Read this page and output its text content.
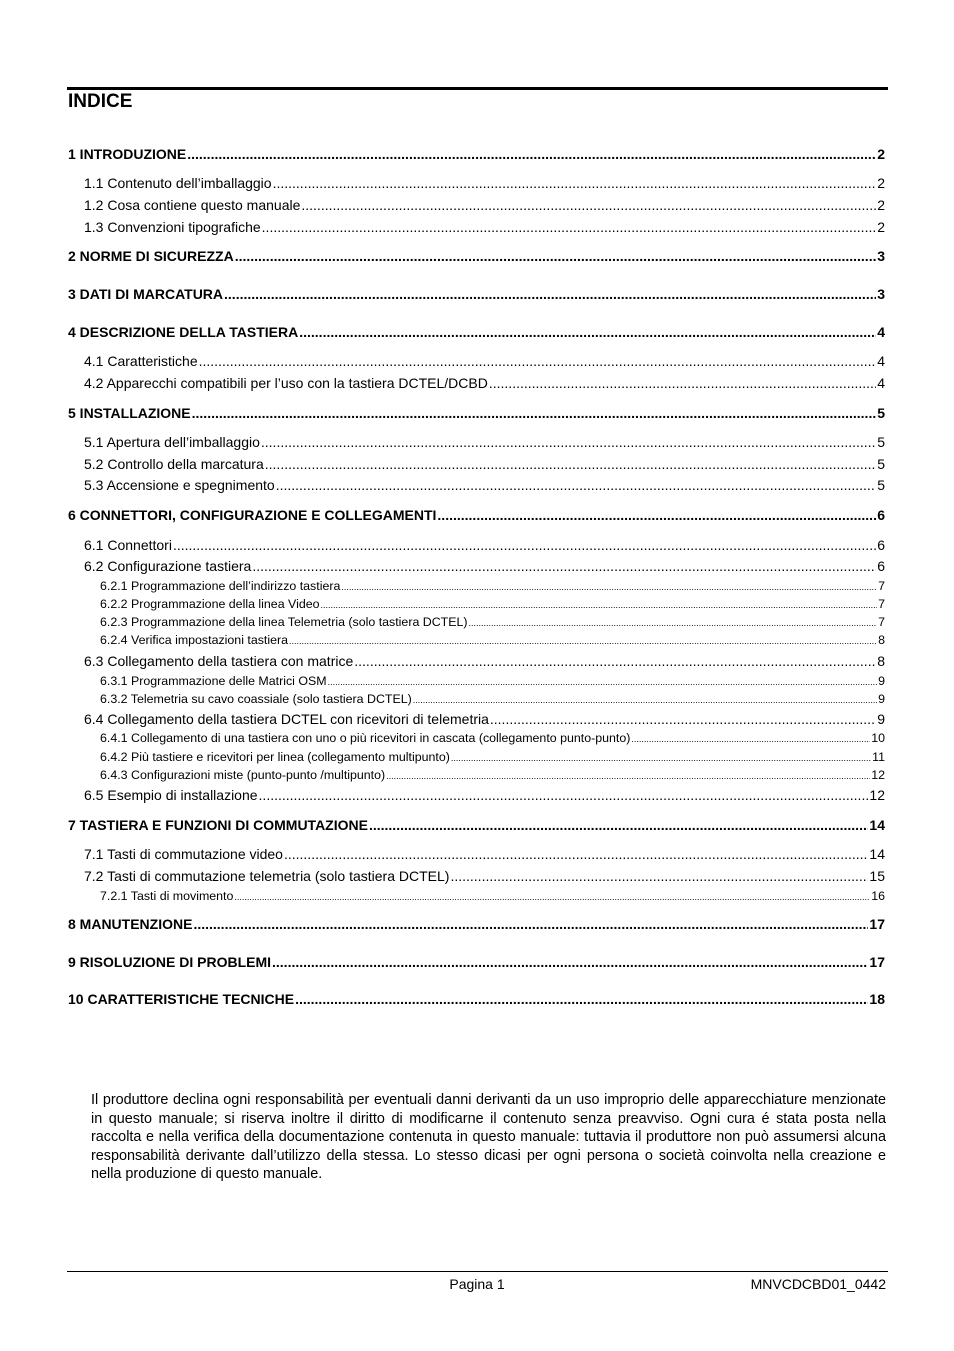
INDICE
1 INTRODUZIONE .....	2
1.1 Contenuto dell’imballaggio .....	2
1.2 Cosa contiene questo manuale .....	2
1.3 Convenzioni tipografiche .....	2
2 NORME DI SICUREZZA .....	3
3 DATI DI MARCATURA .....	3
4 DESCRIZIONE DELLA TASTIERA .....	4
4.1 Caratteristiche .....	4
4.2 Apparecchi compatibili per l’uso con la tastiera DCTEL/DCBD .....	4
5 INSTALLAZIONE .....	5
5.1 Apertura dell’imballaggio .....	5
5.2 Controllo della marcatura .....	5
5.3 Accensione e spegnimento .....	5
6 CONNETTORI, CONFIGURAZIONE E COLLEGAMENTI .....	6
6.1 Connettori .....	6
6.2 Configurazione tastiera .....	6
6.2.1 Programmazione dell’indirizzo tastiera .....	7
6.2.2 Programmazione della linea Video .....	7
6.2.3 Programmazione della linea Telemetria (solo tastiera DCTEL) .....	7
6.2.4 Verifica impostazioni tastiera .....	8
6.3 Collegamento della tastiera con matrice .....	8
6.3.1 Programmazione delle Matrici OSM .....	9
6.3.2 Telemetria su cavo coassiale (solo tastiera DCTEL) .....	9
6.4 Collegamento della tastiera DCTEL con ricevitori di telemetria .....	9
6.4.1 Collegamento di una tastiera con uno o più ricevitori in cascata (collegamento punto-punto) .....	10
6.4.2 Più tastiere e ricevitori per linea (collegamento multipunto) .....	11
6.4.3 Configurazioni miste (punto-punto /multipunto) .....	12
6.5 Esempio di installazione .....	12
7 TASTIERA E FUNZIONI DI COMMUTAZIONE .....	14
7.1 Tasti di commutazione video .....	14
7.2 Tasti di commutazione telemetria (solo tastiera DCTEL) .....	15
7.2.1 Tasti di movimento .....	16
8 MANUTENZIONE .....	17
9 RISOLUZIONE DI PROBLEMI .....	17
10 CARATTERISTICHE TECNICHE .....	18

Il produttore declina ogni responsabilità per eventuali danni derivanti da un uso improprio delle apparecchiature menzionate in questo manuale; si riserva inoltre il diritto di modificarne il contenuto senza preavviso. Ogni cura é stata posta nella raccolta e nella verifica della documentazione contenuta in questo manuale: tuttavia il produttore non può assumersi alcuna responsabilità derivante dall’utilizzo della stessa. Lo stesso dicasi per ogni persona o società coinvolta nella creazione e nella produzione di questo manuale.

Pagina 1	MNVCDCBD01_0442
